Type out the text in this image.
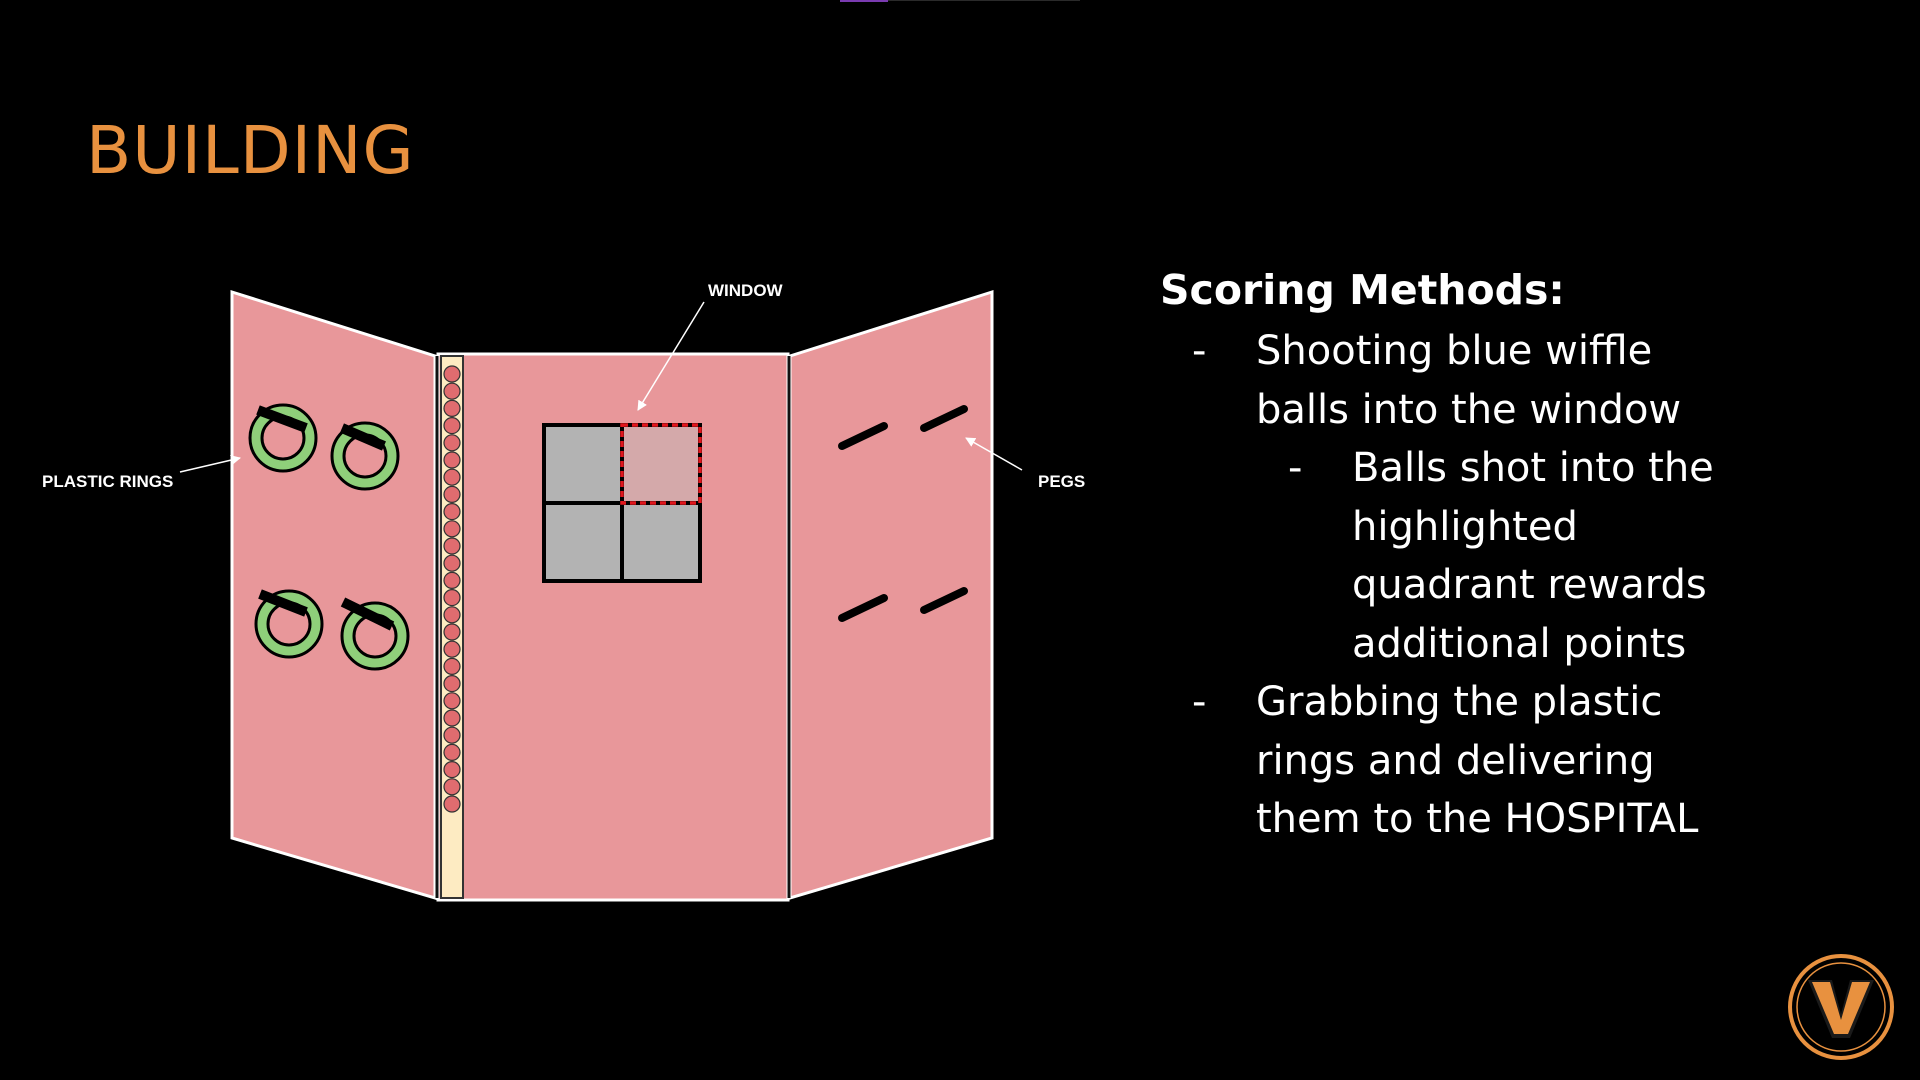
BUILDING
WINDOW
PLASTIC RINGS	PEGS
Scoring Methods:
- Shooting blue wiffle
balls into the window
- Balls shot into the
highlighted
quadrant rewards
additional points
- Grabbing the plastic
rings and delivering
them to the HOSPITAL
